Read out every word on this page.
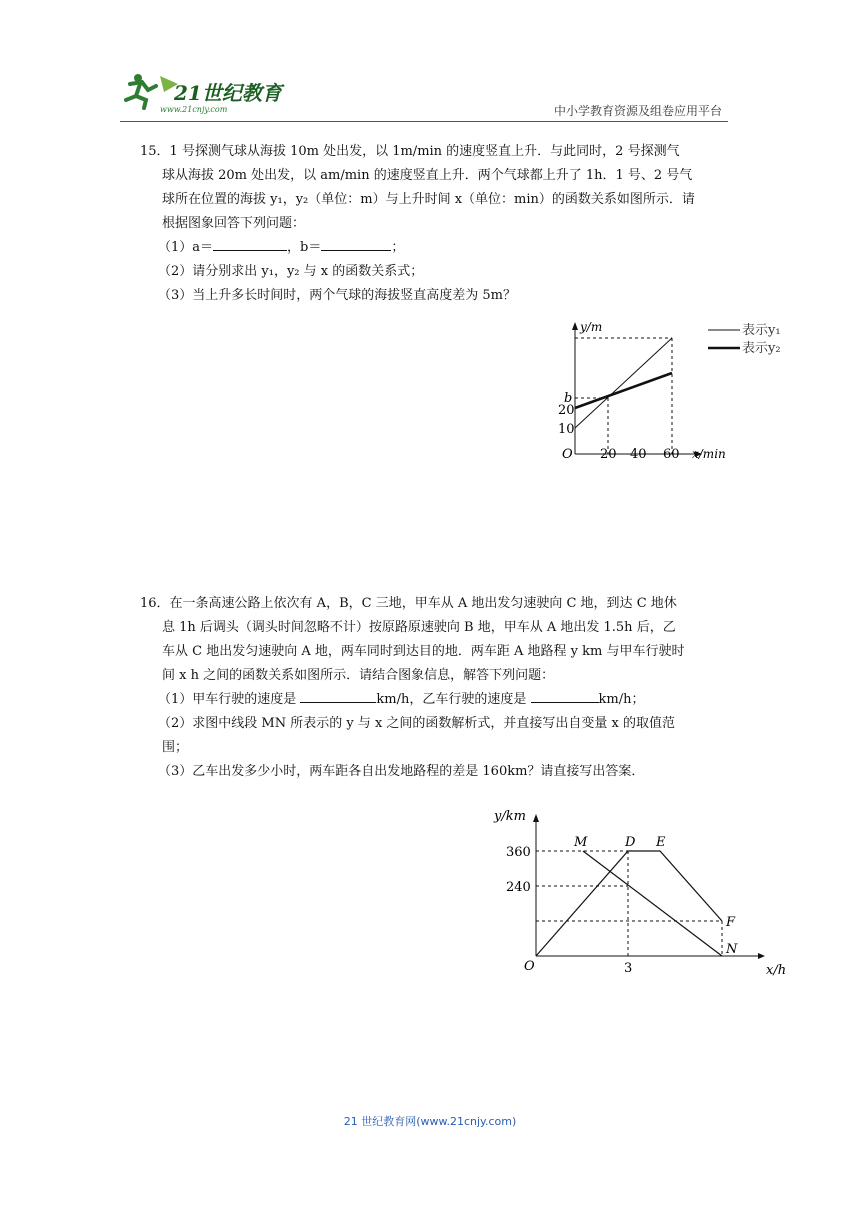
21世纪教育
www.21cnjy.com	中小学教育资源及组卷应用平台

15．1 号探测气球从海拔 10m 处出发，以 1m/min 的速度竖直上升．与此同时，2 号探测气

球从海拔 20m 处出发，以 am/min 的速度竖直上升．两个气球都上升了 1h．1 号、2 号气

球所在位置的海拔 y₁，y₂（单位：m）与上升时间 x（单位：min）的函数关系如图所示．请

根据图象回答下列问题：

（1）a＝	，b＝	；

（2）请分别求出 y₁，y₂ 与 x 的函数关系式；

（3）当上升多长时间时，两个气球的海拔竖直高度差为 5m？

y/m
x/min
O 20 40 60
b
20
10
表示y₁
表示y₂

16．在一条高速公路上依次有 A，B，C 三地，甲车从 A 地出发匀速驶向 C 地，到达 C 地休

息 1h 后调头（调头时间忽略不计）按原路原速驶向 B 地，甲车从 A 地出发 1.5h 后，乙

车从 C 地出发匀速驶向 A 地，两车同时到达目的地．两车距 A 地路程 y km 与甲车行驶时

间 x h 之间的函数关系如图所示．请结合图象信息，解答下列问题：

（1）甲车行驶的速度是	km/h，乙车行驶的速度是	km/h；

（2）求图中线段 MN 所表示的 y 与 x 之间的函数解析式，并直接写出自变量 x 的取值范

围；

（3）乙车出发多少小时，两车距各自出发地路程的差是 160km？请直接写出答案．

y/km
x/h
O
360
240
3
M	D E
F
N
21 世纪教育网(www.21cnjy.com)
